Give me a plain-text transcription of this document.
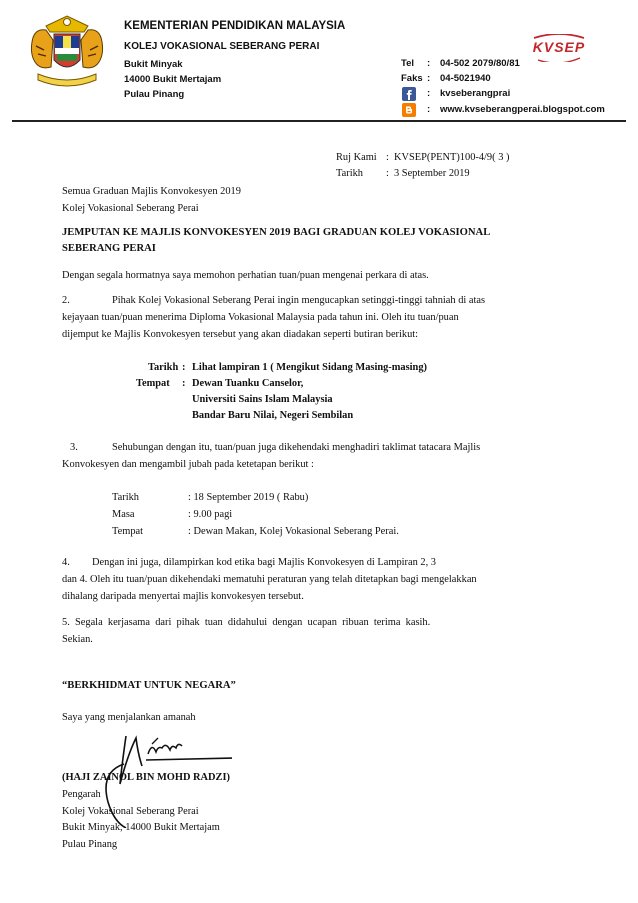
KEMENTERIAN PENDIDIKAN MALAYSIA
KOLEJ VOKASIONAL SEBERANG PERAI
Bukit Minyak
14000 Bukit Mertajam
Pulau Pinang
KVSEP
Tel : 04-502 2079/80/81
Faks : 04-5021940
: kvseberangprai
: www.kvseberangperai.blogspot.com
Ruj Kami : KVSEP(PENT)100-4/9( 3 )
Tarikh : 3 September 2019
Semua Graduan Majlis Konvokesyen 2019
Kolej Vokasional Seberang Perai
JEMPUTAN KE MAJLIS KONVOKESYEN 2019 BAGI GRADUAN KOLEJ VOKASIONAL
SEBERANG PERAI
Dengan segala hormatnya saya memohon perhatian tuan/puan mengenai perkara di atas.
2.	Pihak Kolej Vokasional Seberang Perai ingin mengucapkan setinggi-tinggi tahniah di atas
kejayaan tuan/puan menerima Diploma Vokasional Malaysia pada tahun ini. Oleh itu tuan/puan
dijemput ke Majlis Konvokesyen tersebut yang akan diadakan seperti butiran berikut:
Tarikh : Lihat lampiran 1 ( Mengikut Sidang Masing-masing)
Tempat : Dewan Tuanku Canselor,
Universiti Sains Islam Malaysia
Bandar Baru Nilai, Negeri Sembilan
3.	Sehubungan dengan itu, tuan/puan juga dikehendaki menghadiri taklimat tatacara Majlis
Konvokesyen dan mengambil jubah pada ketetapan berikut :
Tarikh	: 18 September 2019 ( Rabu)
Masa	: 9.00 pagi
Tempat	: Dewan Makan, Kolej Vokasional Seberang Perai.
4. Dengan ini juga, dilampirkan kod etika bagi Majlis Konvokesyen di Lampiran 2, 3
dan 4. Oleh itu tuan/puan dikehendaki mematuhi peraturan yang telah ditetapkan bagi mengelakkan
dihalang daripada menyertai majlis konvokesyen tersebut.
5.  Segala  kerjasama  dari  pihak  tuan  didahului  dengan  ucapan  ribuan  terima  kasih.
Sekian.
“BERKHIDMAT UNTUK NEGARA”
Saya yang menjalankan amanah
(HAJI ZAINOL BIN MOHD RADZI)
Pengarah
Kolej Vokasional Seberang Perai
Bukit Minyak, 14000 Bukit Mertajam
Pulau Pinang
